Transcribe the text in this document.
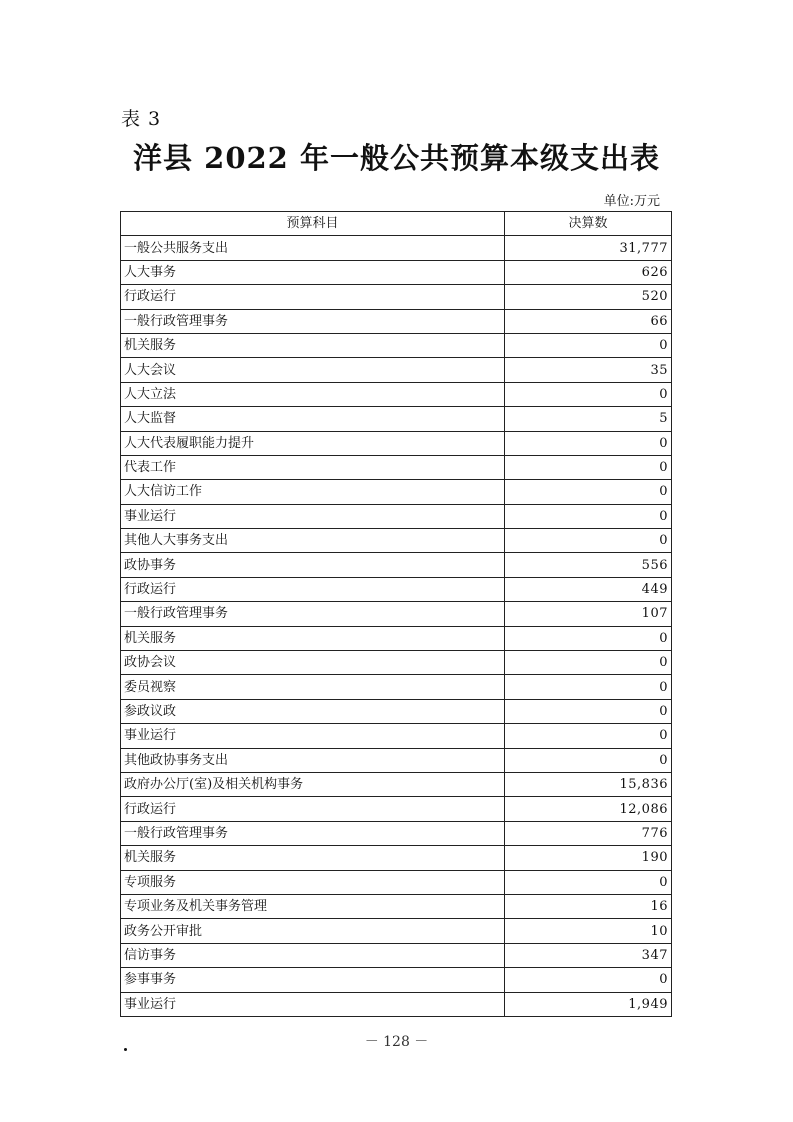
表 3
洋县 2022 年一般公共预算本级支出表
单位:万元
预算科目	决算数
一般公共服务支出	31,777
人大事务	626
行政运行	520
一般行政管理事务	66
机关服务	0
人大会议	35
人大立法	0
人大监督	5
人大代表履职能力提升	0
代表工作	0
人大信访工作	0
事业运行	0
其他人大事务支出	0
政协事务	556
行政运行	449
一般行政管理事务	107
机关服务	0
政协会议	0
委员视察	0
参政议政	0
事业运行	0
其他政协事务支出	0
政府办公厅(室)及相关机构事务	15,836
行政运行	12,086
一般行政管理事务	776
机关服务	190
专项服务	0
专项业务及机关事务管理	16
政务公开审批	10
信访事务	347
参事事务	0
事业运行	1,949
－ 128 －
